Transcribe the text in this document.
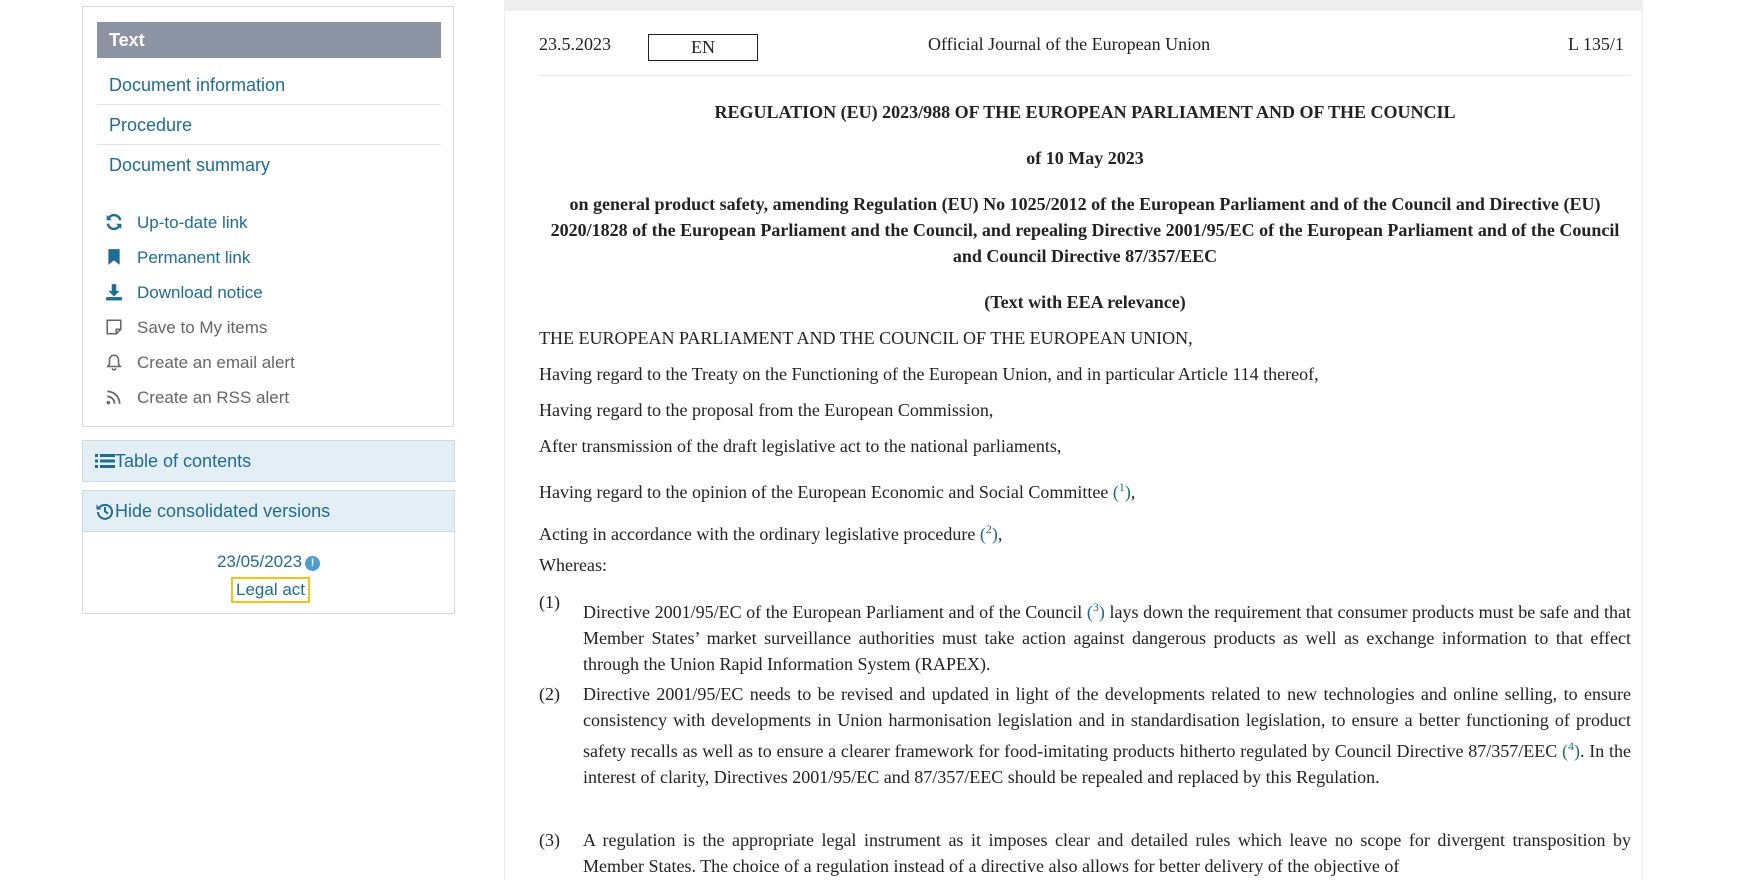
Text
Document information
Procedure
Document summary
Up-to-date link
Permanent link
Download notice
Save to My items
Create an email alert
Create an RSS alert
Table of contents
Hide consolidated versions
23/05/2023 !
Legal act
23.5.2023	EN	Official Journal of the European Union	L 135/1
REGULATION (EU) 2023/988 OF THE EUROPEAN PARLIAMENT AND OF THE COUNCIL
of 10 May 2023
on general product safety, amending Regulation (EU) No 1025/2012 of the European Parliament and of the Council and Directive (EU) 2020/1828 of the European Parliament and the Council, and repealing Directive 2001/95/EC of the European Parliament and of the Council and Council Directive 87/357/EEC
(Text with EEA relevance)
THE EUROPEAN PARLIAMENT AND THE COUNCIL OF THE EUROPEAN UNION,
Having regard to the Treaty on the Functioning of the European Union, and in particular Article 114 thereof,
Having regard to the proposal from the European Commission,
After transmission of the draft legislative act to the national parliaments,
Having regard to the opinion of the European Economic and Social Committee ($^1$),
Acting in accordance with the ordinary legislative procedure ($^2$),
Whereas:
(1) Directive 2001/95/EC of the European Parliament and of the Council ($^3$) lays down the requirement that consumer products must be safe and that Member States’ market surveillance authorities must take action against dangerous products as well as exchange information to that effect through the Union Rapid Information System (RAPEX).
(2) Directive 2001/95/EC needs to be revised and updated in light of the developments related to new technologies and online selling, to ensure consistency with developments in Union harmonisation legislation and in standardisation legislation, to ensure a better functioning of product safety recalls as well as to ensure a clearer framework for food-imitating products hitherto regulated by Council Directive 87/357/EEC ($^4$). In the interest of clarity, Directives 2001/95/EC and 87/357/EEC should be repealed and replaced by this Regulation.
(3) A regulation is the appropriate legal instrument as it imposes clear and detailed rules which leave no scope for divergent transposition by Member States. The choice of a regulation instead of a directive also allows for better delivery of the objective of
